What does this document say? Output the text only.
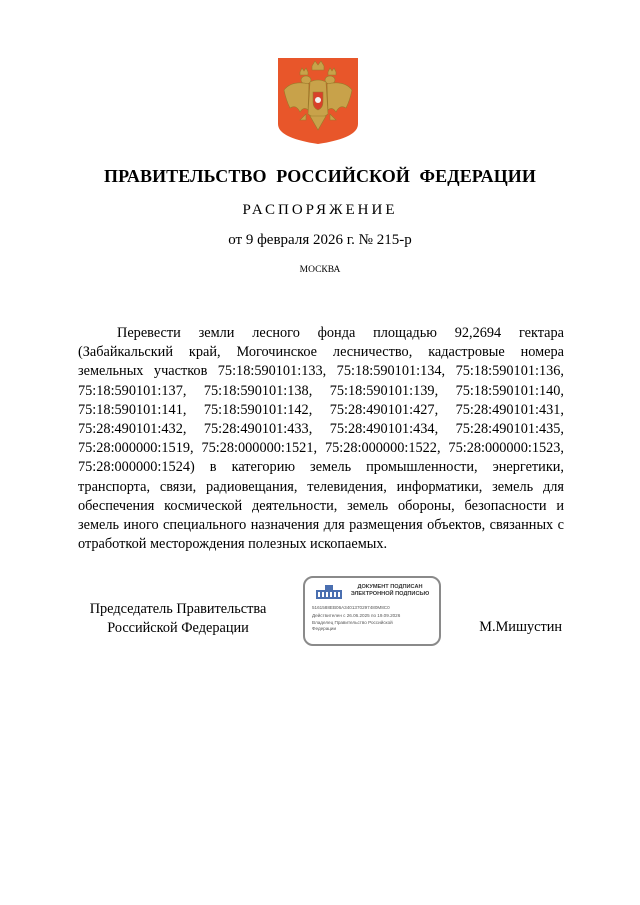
ПРАВИТЕЛЬСТВО РОССИЙСКОЙ ФЕДЕРАЦИИ
РАСПОРЯЖЕНИЕ
от 9 февраля 2026 г. № 215-р
МОСКВА
Перевести земли лесного фонда площадью 92,2694 гектара (Забайкальский край, Могочинское лесничество, кадастровые номера земельных участков 75:18:590101:133, 75:18:590101:134, 75:18:590101:136, 75:18:590101:137, 75:18:590101:138, 75:18:590101:139, 75:18:590101:140, 75:18:590101:141, 75:18:590101:142, 75:28:490101:427, 75:28:490101:431, 75:28:490101:432, 75:28:490101:433, 75:28:490101:434, 75:28:490101:435, 75:28:000000:1519, 75:28:000000:1521, 75:28:000000:1522, 75:28:000000:1523, 75:28:000000:1524) в категорию земель промышленности, энергетики, транспорта, связи, радиовещания, телевидения, информатики, земель для обеспечения космической деятельности, земель обороны, безопасности и земель иного специального назначения для размещения объектов, связанных с отработкой месторождения полезных ископаемых.
Председатель Правительства
Российской Федерации
ДОКУМЕНТ ПОДПИСАН
ЭЛЕКТРОННОЙ ПОДПИСЬЮ
5161588EB06A3401370297480M8C0
Действителен с 26.06.2025 по 19.09.2026
Владелец Правительство Российской
Федерации	М.Мишустин
